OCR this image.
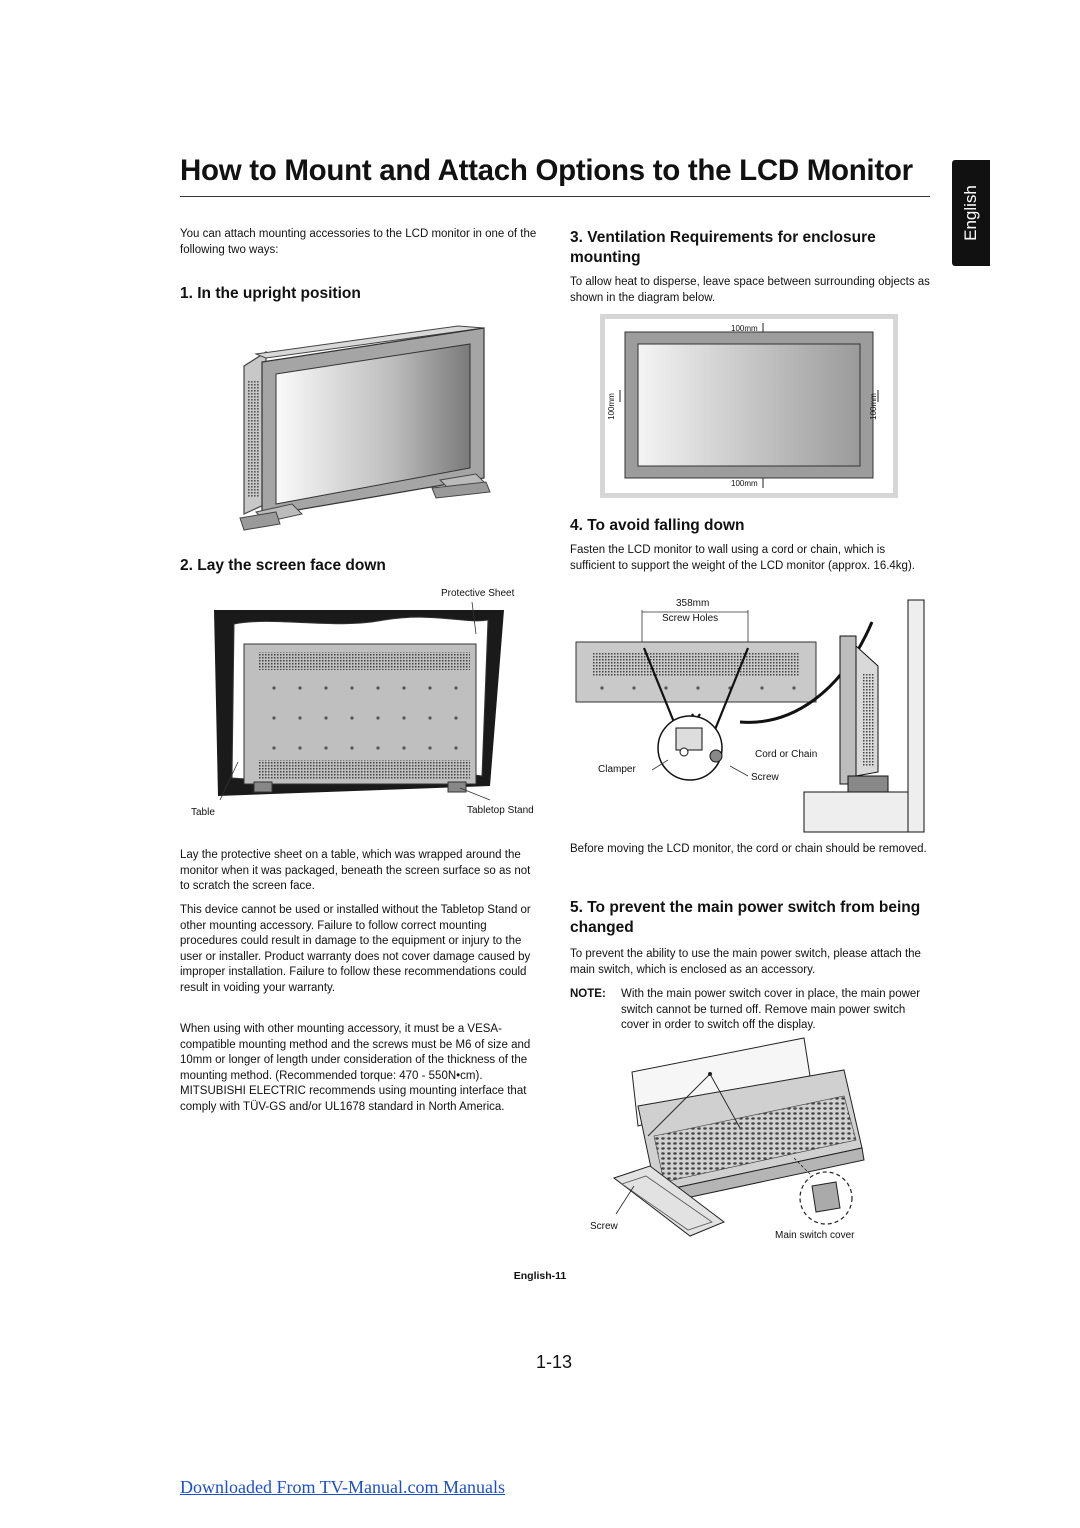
How to Mount and Attach Options to the LCD Monitor
English

You can attach mounting accessories to the LCD monitor in one of the following two ways:

1. In the upright position
2. Lay the screen face down
Protective Sheet
Table	Tabletop Stand

Lay the protective sheet on a table, which was wrapped around the monitor when it was packaged, beneath the screen surface so as not to scratch the screen face.

This device cannot be used or installed without the Tabletop Stand or other mounting accessory. Failure to follow correct mounting procedures could result in damage to the equipment or injury to the user or installer. Product warranty does not cover damage caused by improper installation. Failure to follow these recommendations could result in voiding your warranty.

When using with other mounting accessory, it must be a VESA-compatible mounting method and the screws must be M6 of size and 10mm or longer of length under consideration of the thickness of the mounting method. (Recommended torque: 470 - 550N•cm). MITSUBISHI ELECTRIC recommends using mounting interface that comply with TÜV-GS and/or UL1678 standard in North America.

3. Ventilation Requirements for enclosure mounting

To allow heat to disperse, leave space between surrounding objects as shown in the diagram below.

100mm
100mm
100mm	100mm
4. To avoid falling down

Fasten the LCD monitor to wall using a cord or chain, which is sufficient to support the weight of the LCD monitor (approx. 16.4kg).

358mm
Screw Holes
Cord or Chain
Clamper
Screw

Before moving the LCD monitor, the cord or chain should be removed.

5. To prevent the main power switch from being changed

To prevent the ability to use the main power switch, please attach the main switch, which is enclosed as an accessory.

NOTE: With the main power switch cover in place, the main power switch cannot be turned off. Remove main power switch cover in order to switch off the display.
Screw
Main switch cover
English-11
1-13
Downloaded From TV-Manual.com Manuals
